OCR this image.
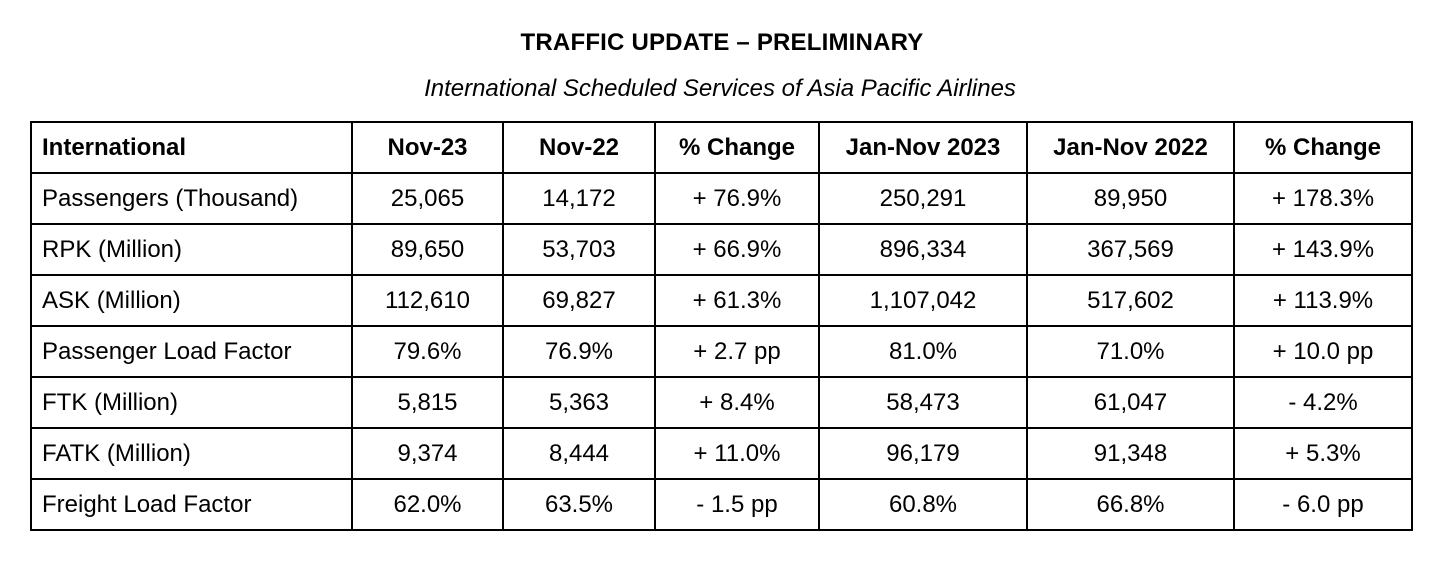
TRAFFIC UPDATE – PRELIMINARY
International Scheduled Services of Asia Pacific Airlines
International	Nov-23	Nov-22	% Change	Jan-Nov 2023	Jan-Nov 2022	% Change
Passengers (Thousand)	25,065	14,172	+ 76.9%	250,291	89,950	+ 178.3%
RPK (Million)	89,650	53,703	+ 66.9%	896,334	367,569	+ 143.9%
ASK (Million)	112,610	69,827	+ 61.3%	1,107,042	517,602	+ 113.9%
Passenger Load Factor	79.6%	76.9%	+ 2.7 pp	81.0%	71.0%	+ 10.0 pp
FTK (Million)	5,815	5,363	+ 8.4%	58,473	61,047	- 4.2%
FATK (Million)	9,374	8,444	+ 11.0%	96,179	91,348	+ 5.3%
Freight Load Factor	62.0%	63.5%	- 1.5 pp	60.8%	66.8%	- 6.0 pp
